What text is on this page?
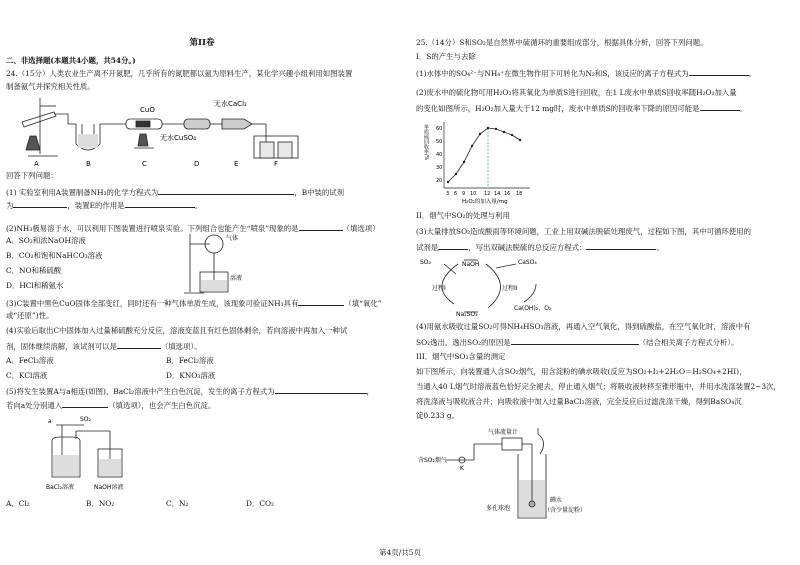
第II卷

二、非选择题(本题共4小题，共54分。)

24.（15分）人类农业生产离不开氮肥，几乎所有的氮肥都以氨为原料生产，某化学兴趣小组利用如图装置

制备氨气并探究相关性质。

A	B	C	D	E	F
CuO
无水CaCl₂
无水CuSO₄

回答下列问题：

(1) 实验室利用A装置制备NH₃的化学方程式为	，B中装的试剂

为	，装置E的作用是	。

(2)NH₃极易溶于水，可以利用下图装置进行喷泉实验。下列组合也能产生“喷泉”现象的是	（填选项）

A．SO₂和浓NaOH溶液

B．CO₂和饱和NaHCO₃溶液

C．NO和稀硫酸

D．HCl和稀氨水

气体
溶液

(3)C装置中黑色CuO固体全部变红，同时还有一种气体单质生成，该现象可验证NH₃具有	（填“氧化”

或“还原”)性。

(4)实验后取出C中固体加入过量稀硫酸充分反应，溶液变蓝且有红色固体剩余，若向溶液中再加入一种试

剂，固体继续溶解，该试剂可以是	（填选项）。

A．FeCl₃溶液	B．FeCl₂溶液

C．KCl溶液	D．KNO₃溶液

(5)将发生装置A与a相连(如图)，BaCl₂溶液中产生白色沉淀，发生的离子方程式为	，

若向a处分别通入	（填选项），也会产生白色沉淀。

SO₂
a
BaCl₂溶液	NaOH溶液

A．Cl₂	B．NO₂	C．N₂	D．CO₂

25.（14分）S和SO₂是自然界中硫循环的重要组成部分，根据具体分析，回答下列问题。

I．S的产生与去除

(1)水体中的SO₄²⁻与NH₄⁺在微生物作用下可转化为N₂和S，该反应的离子方程式为	。

(2)废水中的硫化物可用H₂O₂将其氧化为单质S进行回收，在1 L废水中单质S回收率随H₂O₂加入量

的变化如图所示，H₂O₂加入量大于12 mg时，废水中单质S的回收率下降的原因可能是	。

60
50
40
30
20
3 6 9 10 12 14 16 18
H₂O₂的加入量/mg
单质硫回收率/%

II．烟气中SO₂的处理与利用

(3)大量排放SO₂造成酸雨等环境问题，工业上用双碱法脱硫处理废气，过程如下图，其中可循环使用的

试剂是	，写出双碱法脱硫的总反应方程式：	。

SO₂	NaOH	CaSO₄
过程I	过程II
Na₂SO₃
Ca(OH)₂、O₂

(4)用氨水吸收过量SO₂可得NH₄HSO₃溶液，再通入空气氧化，得到硫酸盐，在空气氧化时，溶液中有

SO₂逸出，逸出SO₂的原因是	（结合相关离子方程式分析）。

III．烟气中SO₂含量的测定

如下图所示，向装置通入含SO₂烟气，用含淀粉的碘水吸收(反应为SO₂+I₂+2H₂O＝H₂SO₄+2HI)，

当通入40 L烟气时溶液蓝色恰好完全褪去，停止通入烟气；将吸收液转移至锥形瓶中，并用水洗涤装置2~3次，

将洗涤液与吸收液合并；向吸收液中加入过量BaCl₂溶液，完全反应后过滤洗涤干燥，得到BaSO₄沉

淀0.233 g。

气体流量计
含SO₂烟气
K
多孔球泡
碘水
（含少量淀粉）
第4页/共5页
